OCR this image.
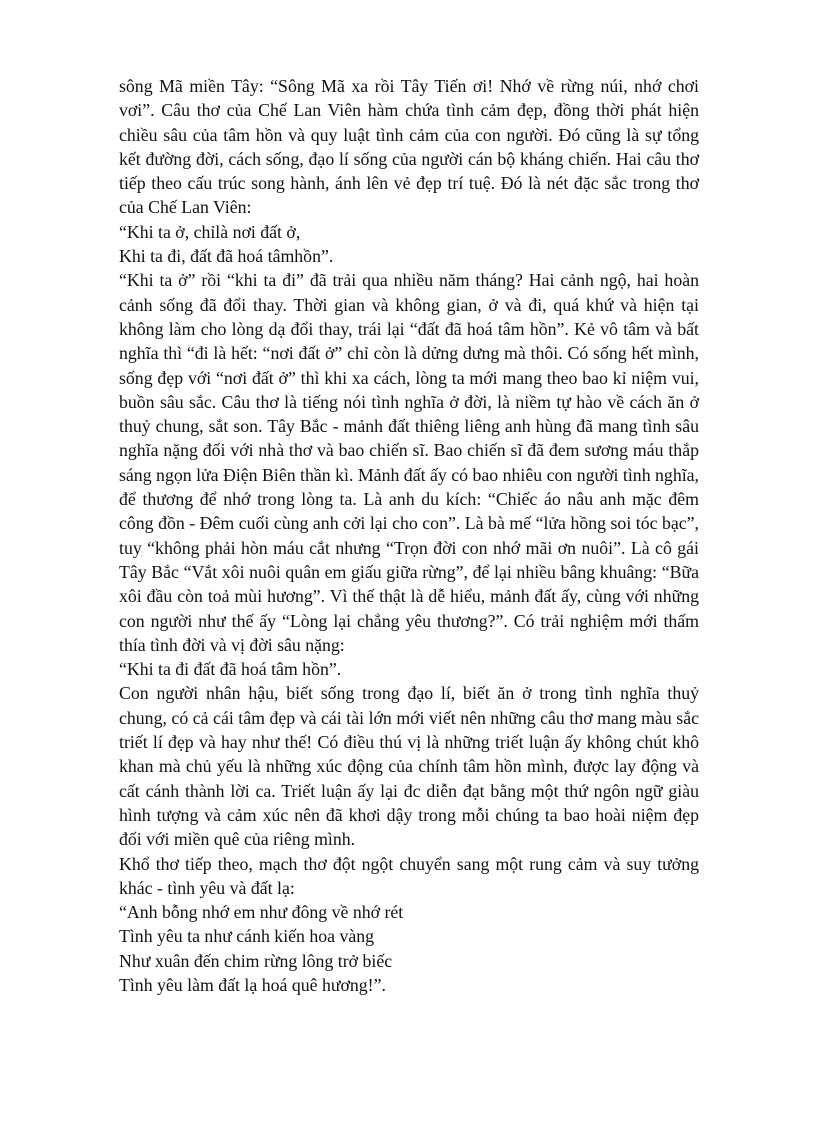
sông Mã miền Tây: “Sông Mã xa rồi Tây Tiến ơi! Nhớ về rừng núi, nhớ chơi vơi”. Câu thơ của Chế Lan Viên hàm chứa tình cảm đẹp, đồng thời phát hiện chiều sâu của tâm hồn và quy luật tình cảm của con người. Đó cũng là sự tổng kết đường đời, cách sống, đạo lí sống của người cán bộ kháng chiến. Hai câu thơ tiếp theo cấu trúc song hành, ánh lên vẻ đẹp trí tuệ. Đó là nét đặc sắc trong thơ của Chế Lan Viên:

“Khi ta ở, chỉlà nơi đất ở,

Khi ta đi, đất đã hoá tâmhồn”.

“Khi ta ở” rồi “khi ta đi” đã trải qua nhiều năm tháng? Hai cảnh ngộ, hai hoàn cảnh sống đã đổi thay. Thời gian và không gian, ở và đi, quá khứ và hiện tại không làm cho lòng dạ đổi thay, trái lại “đất đã hoá tâm hồn”. Kẻ vô tâm và bất nghĩa thì “đi là hết: “nơi đất ở” chỉ còn là dửng dưng mà thôi. Có sống hết mình, sống đẹp với “nơi đất ở” thì khi xa cách, lòng ta mới mang theo bao kỉ niệm vui, buồn sâu sắc. Câu thơ là tiếng nói tình nghĩa ở đời, là niềm tự hào về cách ăn ở thuỷ chung, sắt son. Tây Bắc - mảnh đất thiêng liêng anh hùng đã mang tình sâu nghĩa nặng đối với nhà thơ và bao chiến sĩ. Bao chiến sĩ đã đem sương máu thắp sáng ngọn lửa Điện Biên thần kì. Mảnh đất ấy có bao nhiêu con người tình nghĩa, để thương để nhớ trong lòng ta. Là anh du kích: “Chiếc áo nâu anh mặc đêm công đồn - Đêm cuối cùng anh cởi lại cho con”. Là bà mế “lửa hồng soi tóc bạc”, tuy “không phải hòn máu cắt nhưng “Trọn đời con nhớ mãi ơn nuôi”. Là cô gái Tây Bắc “Vắt xôi nuôi quân em giấu giữa rừng”, để lại nhiều bâng khuâng: “Bữa xôi đầu còn toả mùi hương”. Vì thế thật là dễ hiểu, mảnh đất ấy, cùng với những con người như thế ấy “Lòng lại chẳng yêu thương?”. Có trải nghiệm mới thấm thía tình đời và vị đời sâu nặng:

“Khi ta đi đất đã hoá tâm hồn”.

Con người nhân hậu, biết sống trong đạo lí, biết ăn ở trong tình nghĩa thuỷ chung, có cả cái tâm đẹp và cái tài lớn mới viết nên những câu thơ mang màu sắc triết lí đẹp và hay như thế! Có điều thú vị là những triết luận ấy không chút khô khan mà chủ yếu là những xúc động của chính tâm hồn mình, được lay động và cất cánh thành lời ca. Triết luận ấy lại đc diễn đạt bằng một thứ ngôn ngữ giàu hình tượng và cảm xúc nên đã khơi dậy trong mỗi chúng ta bao hoài niệm đẹp đối với miền quê của riêng mình.

Khổ thơ tiếp theo, mạch thơ đột ngột chuyển sang một rung cảm và suy tưởng khác - tình yêu và đất lạ:

“Anh bỗng nhớ em như đông về nhớ rét

Tình yêu ta như cánh kiến hoa vàng

Như xuân đến chim rừng lông trở biếc

Tình yêu làm đất lạ hoá quê hương!”.
